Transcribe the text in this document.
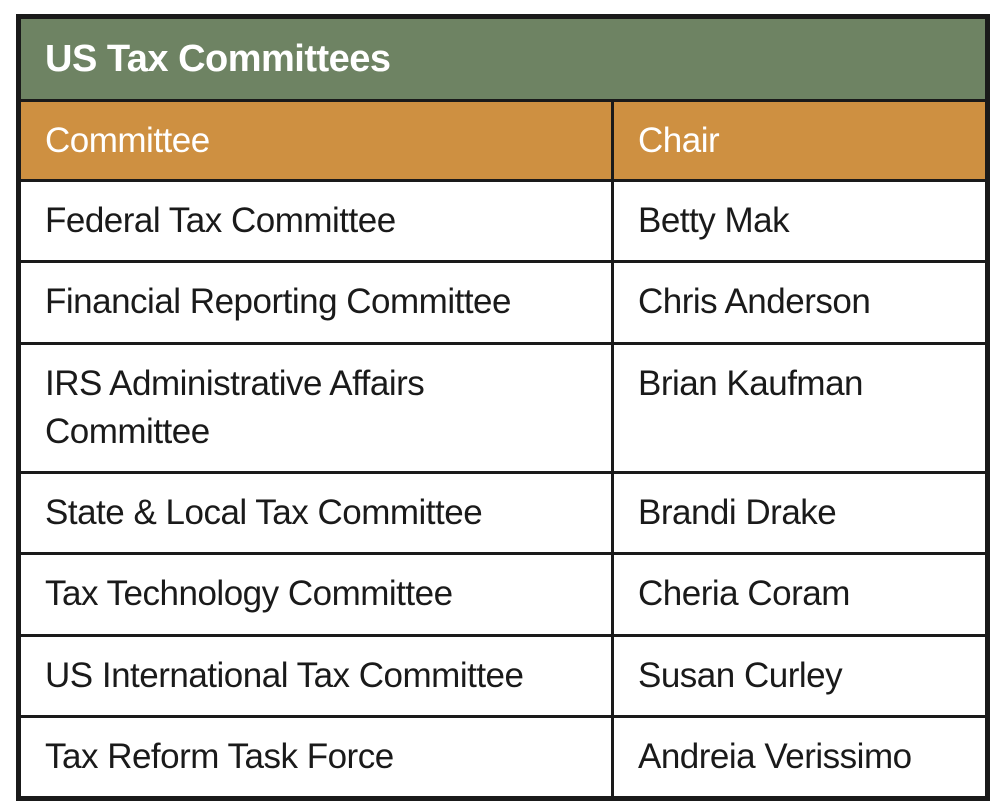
US Tax Committees	
Committee	Chair
Federal Tax Committee	Betty Mak
Financial Reporting Committee	Chris Anderson
IRS Administrative Affairs Committee	Brian Kaufman
State & Local Tax Committee	Brandi Drake
Tax Technology Committee	Cheria Coram
US International Tax Committee	Susan Curley
Tax Reform Task Force	Andreia Verissimo
